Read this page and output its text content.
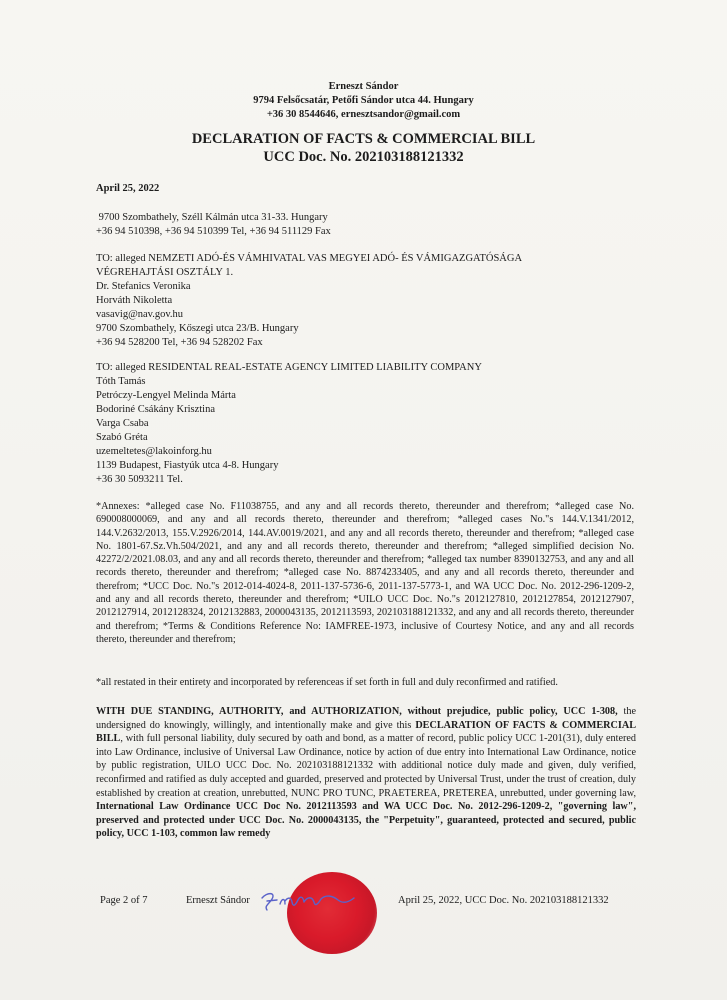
Erneszt Sándor
9794 Felsőcsatár, Petőfi Sándor utca 44. Hungary
+36 30 8544646, ernesztsandor@gmail.com
DECLARATION OF FACTS & COMMERCIAL BILL
UCC Doc. No. 202103188121332
April 25, 2022
9700 Szombathely, Széll Kálmán utca 31-33. Hungary
+36 94 510398, +36 94 510399 Tel, +36 94 511129 Fax
TO: alleged NEMZETI ADÓ-ÉS VÁMHIVATAL VAS MEGYEI ADÓ- ÉS VÁMIGAZGATÓSÁGA
VÉGREHAJTÁSI OSZTÁLY 1.
Dr. Stefanics Veronika
Horváth Nikoletta
vasavig@nav.gov.hu
9700 Szombathely, Kőszegi utca 23/B. Hungary
+36 94 528200 Tel, +36 94 528202 Fax
TO: alleged RESIDENTAL REAL-ESTATE AGENCY LIMITED LIABILITY COMPANY
Tóth Tamás
Petróczy-Lengyel Melinda Márta
Bodoriné Csákány Krisztina
Varga Csaba
Szabó Gréta
uzemeltetes@lakoinforg.hu
1139 Budapest, Fiastyúk utca 4-8. Hungary
+36 30 5093211 Tel.
*Annexes: *alleged case No. F11038755, and any and all records thereto, thereunder and therefrom; *alleged case No. 690008000069, and any and all records thereto, thereunder and therefrom; *alleged cases No."s 144.V.1341/2012, 144.V.2632/2013, 155.V.2926/2014, 144.AV.0019/2021, and any and all records thereto, thereunder and therefrom; *alleged case No. 1801-67.Sz.Vh.504/2021, and any and all records thereto, thereunder and therefrom; *alleged simplified decision No. 42272/2/2021.08.03, and any and all records thereto, thereunder and therefrom; *alleged tax number 8390132753, and any and all records thereto, thereunder and therefrom; *alleged case No. 8874233405, and any and all records thereto, thereunder and therefrom; *UCC Doc. No."s 2012-014-4024-8, 2011-137-5736-6, 2011-137-5773-1, and WA UCC Doc. No. 2012-296-1209-2, and any and all records thereto, thereunder and therefrom; *UILO UCC Doc. No."s 2012127810, 2012127854, 2012127907, 2012127914, 2012128324, 2012132883, 2000043135, 2012113593, 202103188121332, and any and all records thereto, thereunder and therefrom; *Terms & Conditions Reference No: IAMFREE-1973, inclusive of Courtesy Notice, and any and all records thereto, thereunder and therefrom;
*all restated in their entirety and incorporated by referenceas if set forth in full and duly reconfirmed and ratified.
WITH DUE STANDING, AUTHORITY, and AUTHORIZATION, without prejudice, public policy, UCC 1-308, the undersigned do knowingly, willingly, and intentionally make and give this DECLARATION OF FACTS & COMMERCIAL BILL, with full personal liability, duly secured by oath and bond, as a matter of record, public policy UCC 1-201(31), duly entered into Law Ordinance, inclusive of Universal Law Ordinance, notice by action of due entry into International Law Ordinance, notice by public registration, UILO UCC Doc. No. 202103188121332 with additional notice duly made and given, duly verified, reconfirmed and ratified as duly accepted and guarded, preserved and protected by Universal Trust, under the trust of creation, duly established by creation at creation, unrebutted, NUNC PRO TUNC, PRAETEREA, PRETEREA, unrebutted, under governing law, International Law Ordinance UCC Doc No. 2012113593 and WA UCC Doc. No. 2012-296-1209-2, "governing law", preserved and protected under UCC Doc. No. 2000043135, the "Perpetuity", guaranteed, protected and secured, public policy, UCC 1-103, common law remedy
Page 2 of 7	Erneszt Sándor	April 25, 2022, UCC Doc. No. 202103188121332
